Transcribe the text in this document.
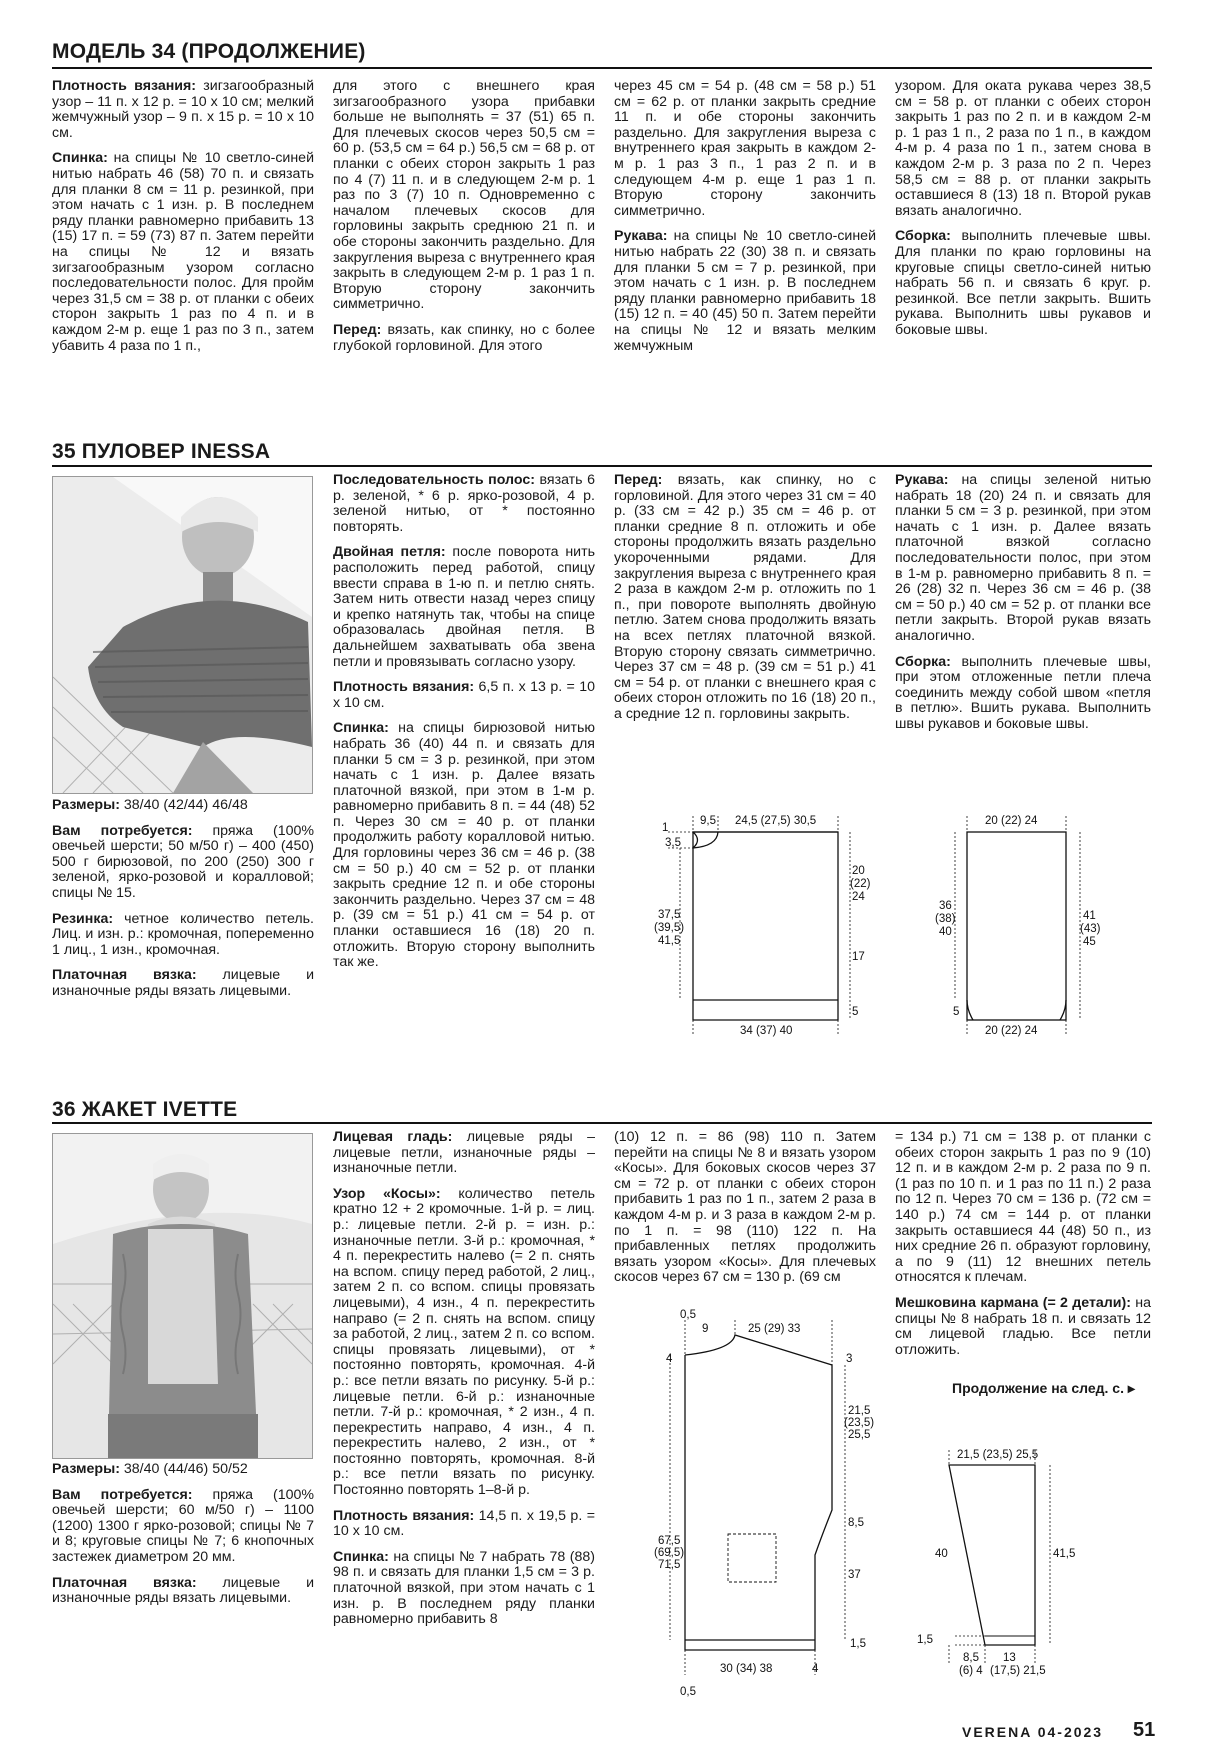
МОДЕЛЬ 34 (ПРОДОЛЖЕНИЕ)

Плотность вязания: зигзагообразный узор – 11 п. x 12 р. = 10 x 10 см; мелкий жемчужный узор – 9 п. x 15 р. = 10 x 10 см.

Спинка: на спицы № 10 светло-синей нитью набрать 46 (58) 70 п. и связать для планки 8 см = 11 р. резинкой, при этом начать с 1 изн. р. В последнем ряду планки равномерно прибавить 13 (15) 17 п. = 59 (73) 87 п. Затем перейти на спицы № 12 и вязать зигзагообразным узором согласно последовательности полос. Для пройм через 31,5 см = 38 р. от планки с обеих сторон закрыть 1 раз по 4 п. и в каждом 2-м р. еще 1 раз по 3 п., затем убавить 4 раза по 1 п.,

для этого с внешнего края зигзагообразного узора прибавки больше не выполнять = 37 (51) 65 п. Для плечевых скосов через 50,5 см = 60 р. (53,5 см = 64 р.) 56,5 см = 68 р. от планки с обеих сторон закрыть 1 раз по 4 (7) 11 п. и в следующем 2-м р. 1 раз по 3 (7) 10 п. Одновременно с началом плечевых скосов для горловины закрыть среднюю 21 п. и обе стороны закончить раздельно. Для закругления выреза с внутреннего края закрыть в следующем 2-м р. 1 раз 1 п. Вторую сторону закончить симметрично.

Перед: вязать, как спинку, но с более глубокой горловиной. Для этого

через 45 см = 54 р. (48 см = 58 р.) 51 см = 62 р. от планки закрыть средние 11 п. и обе стороны закончить раздельно. Для закругления выреза с внутреннего края закрыть в каждом 2-м р. 1 раз 3 п., 1 раз 2 п. и в следующем 4-м р. еще 1 раз 1 п. Вторую сторону закончить симметрично.

Рукава: на спицы № 10 светло-синей нитью набрать 22 (30) 38 п. и связать для планки 5 см = 7 р. резинкой, при этом начать с 1 изн. р. В последнем ряду планки равномерно прибавить 18 (15) 12 п. = 40 (45) 50 п. Затем перейти на спицы № 12 и вязать мелким жемчужным

узором. Для оката рукава через 38,5 см = 58 р. от планки с обеих сторон закрыть 1 раз по 2 п. и в каждом 2-м р. 1 раз 1 п., 2 раза по 1 п., в каждом 4-м р. 4 раза по 1 п., затем снова в каждом 2-м р. 3 раза по 2 п. Через 58,5 см = 88 р. от планки закрыть оставшиеся 8 (13) 18 п. Второй рукав вязать аналогично.

Сборка: выполнить плечевые швы. Для планки по краю горловины на круговые спицы светло-синей нитью набрать 56 п. и связать 6 круг. р. резинкой. Все петли закрыть. Вшить рукава. Выполнить швы рукавов и боковые швы.

35 ПУЛОВЕР INESSA

Размеры: 38/40 (42/44) 46/48

Вам потребуется: пряжа (100% овечьей шерсти; 50 м/50 г) – 400 (450) 500 г бирюзовой, по 200 (250) 300 г зеленой, ярко-розовой и коралловой; спицы № 15.

Резинка: четное количество петель. Лиц. и изн. р.: кромочная, попеременно 1 лиц., 1 изн., кромочная.

Платочная вязка: лицевые и изнаночные ряды вязать лицевыми.

Последовательность полос: вязать 6 р. зеленой, * 6 р. ярко-розовой, 4 р. зеленой нитью, от * постоянно повторять.

Двойная петля: после поворота нить расположить перед работой, спицу ввести справа в 1-ю п. и петлю снять. Затем нить отвести назад через спицу и крепко натянуть так, чтобы на спице образовалась двойная петля. В дальнейшем захватывать оба звена петли и провязывать согласно узору.

Плотность вязания: 6,5 п. x 13 р. = 10 x 10 см.

Спинка: на спицы бирюзовой нитью набрать 36 (40) 44 п. и связать для планки 5 см = 3 р. резинкой, при этом начать с 1 изн. р. Далее вязать платочной вязкой, при этом в 1-м р. равномерно прибавить 8 п. = 44 (48) 52 п. Через 30 см = 40 р. от планки продолжить работу коралловой нитью. Для горловины через 36 см = 46 р. (38 см = 50 р.) 40 см = 52 р. от планки закрыть средние 12 п. и обе стороны закончить раздельно. Через 37 см = 48 р. (39 см = 51 р.) 41 см = 54 р. от планки оставшиеся 16 (18) 20 п. отложить. Вторую сторону выполнить так же.

Перед: вязать, как спинку, но с горловиной. Для этого через 31 см = 40 р. (33 см = 42 р.) 35 см = 46 р. от планки средние 8 п. отложить и обе стороны продолжить вязать раздельно укороченными рядами. Для закругления выреза с внутреннего края 2 раза в каждом 2-м р. отложить по 1 п., при повороте выполнять двойную петлю. Затем снова продолжить вязать на всех петлях платочной вязкой. Вторую сторону связать симметрично. Через 37 см = 48 р. (39 см = 51 р.) 41 см = 54 р. от планки с внешнего края с обеих сторон отложить по 16 (18) 20 п., а средние 12 п. горловины закрыть.

Рукава: на спицы зеленой нитью набрать 18 (20) 24 п. и связать для планки 5 см = 3 р. резинкой, при этом начать с 1 изн. р. Далее вязать платочной вязкой согласно последовательности полос, при этом в 1-м р. равномерно прибавить 8 п. = 26 (28) 32 п. Через 36 см = 46 р. (38 см = 50 р.) 40 см = 52 р. от планки все петли закрыть. Второй рукав вязать аналогично.

Сборка: выполнить плечевые швы, при этом отложенные петли плеча соединить между собой швом «петля в петлю». Вшить рукава. Выполнить швы рукавов и боковые швы.

1
3,5
9,5 24,5 (27,5) 30,5
20
(22)
24
37,5
(39,5)
41,5
17
5
34 (37) 40
20 (22) 24
36
(38)
40
41
(43)
45
5
20 (22) 24
36 ЖАКЕТ IVETTE

Размеры: 38/40 (44/46) 50/52

Вам потребуется: пряжа (100% овечьей шерсти; 60 м/50 г) – 1100 (1200) 1300 г ярко-розовой; спицы № 7 и 8; круговые спицы № 7; 6 кнопочных застежек диаметром 20 мм.

Платочная вязка: лицевые и изнаночные ряды вязать лицевыми.

Лицевая гладь: лицевые ряды – лицевые петли, изнаночные ряды – изнаночные петли.

Узор «Косы»: количество петель кратно 12 + 2 кромочные. 1-й р. = лиц. р.: лицевые петли. 2-й р. = изн. р.: изнаночные петли. 3-й р.: кромочная, * 4 п. перекрестить налево (= 2 п. снять на вспом. спицу перед работой, 2 лиц., затем 2 п. со вспом. спицы провязать лицевыми), 4 изн., 4 п. перекрестить направо (= 2 п. снять на вспом. спицу за работой, 2 лиц., затем 2 п. со вспом. спицы провязать лицевыми), от * постоянно повторять, кромочная. 4-й р.: все петли вязать по рисунку. 5-й р.: лицевые петли. 6-й р.: изнаночные петли. 7-й р.: кромочная, * 2 изн., 4 п. перекрестить направо, 4 изн., 4 п. перекрестить налево, 2 изн., от * постоянно повторять, кромочная. 8-й р.: все петли вязать по рисунку. Постоянно повторять 1–8-й р.

Плотность вязания: 14,5 п. x 19,5 р. = 10 x 10 см.

Спинка: на спицы № 7 набрать 78 (88) 98 п. и связать для планки 1,5 см = 3 р. платочной вязкой, при этом начать с 1 изн. р. В последнем ряду планки равномерно прибавить 8

(10) 12 п. = 86 (98) 110 п. Затем перейти на спицы № 8 и вязать узором «Косы». Для боковых скосов через 37 см = 72 р. от планки с обеих сторон прибавить 1 раз по 1 п., затем 2 раза в каждом 4-м р. и 3 раза в каждом 2-м р. по 1 п. = 98 (110) 122 п. На прибавленных петлях продолжить вязать узором «Косы». Для плечевых скосов через 67 см = 130 р. (69 см

= 134 р.) 71 см = 138 р. от планки с обеих сторон закрыть 1 раз по 9 (10) 12 п. и в каждом 2-м р. 2 раза по 9 п. (1 раз по 10 п. и 1 раз по 11 п.) 2 раза по 12 п. Через 70 см = 136 р. (72 см = 140 р.) 74 см = 144 р. от планки закрыть оставшиеся 44 (48) 50 п., из них средние 26 п. образуют горловину, а по 9 (11) 12 внешних петель относятся к плечам.

Мешковина кармана (= 2 детали): на спицы № 8 набрать 18 п. и связать 12 см лицевой гладью. Все петли отложить.

Продолжение на след. с. ▸
0,5
9	25 (29) 33
4	3
21,5
(23,5)
25,5
8,5
67,5
(69,5)
71,5
37
1,5
30 (34) 38	4
0,5
21,5 (23,5) 25,5
40	41,5
1,5
8,5
(6) 4
13
(17,5) 21,5
VERENA 04-2023 51
